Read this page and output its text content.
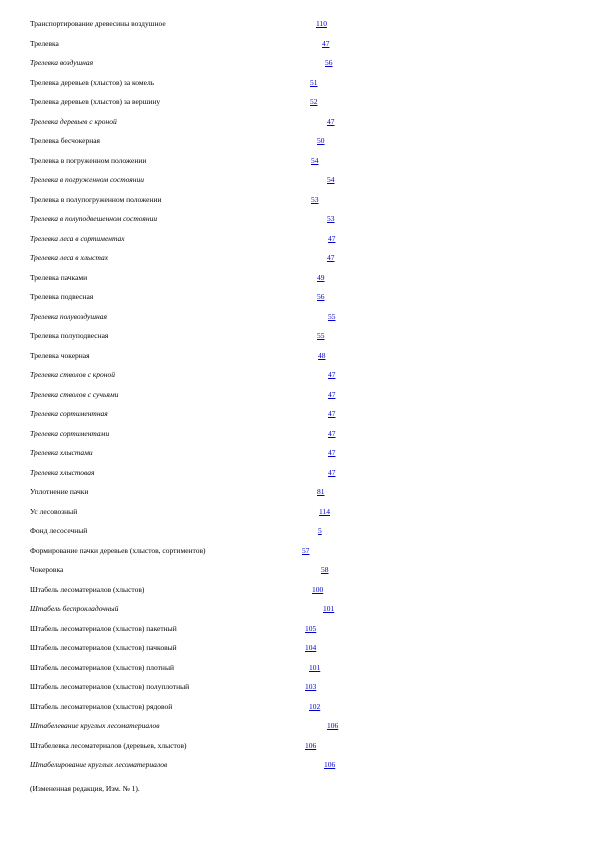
Транспортирование древесины воздушное	110
Трелевка	47
Трелевка воздушная	56
Трелевка деревьев (хлыстов) за комель	51
Трелевка деревьев (хлыстов) за вершину	52
Трелевка деревьев с кроной	47
Трелевка бесчокерная	50
Трелевка в погруженном положении	54
Трелевка в погруженном состоянии	54
Трелевка в полупогруженном положении	53
Трелевка в полуподвешенном состоянии	53
Трелевка леса в сортиментах	47
Трелевка леса в хлыстах	47
Трелевка пачками	49
Трелевка подвесная	56
Трелевка полувоздушная	55
Трелевка полуподвесная	55
Трелевка чокерная	48
Трелевка стволов с кроной	47
Трелевка стволов с сучьями	47
Трелевка сортиментная	47
Трелевка сортиментами	47
Трелевка хлыстами	47
Трелевка хлыстовая	47
Уплотнение пачки	81
Ус лесовозный	114
Фонд лесосечный	5
Формирование пачки деревьев (хлыстов, сортиментов)	57
Чокеровка	58
Штабель лесоматериалов (хлыстов)	100
Штабель беспрокладочный	101
Штабель лесоматериалов (хлыстов) пакетный	105
Штабель лесоматериалов (хлыстов) пачковый	104
Штабель лесоматериалов (хлыстов) плотный	101
Штабель лесоматериалов (хлыстов) полуплотный	103
Штабель лесоматериалов (хлыстов) рядовой	102
Штабелевание круглых лесоматериалов	106
Штабелевка лесоматериалов (деревьев, хлыстов)	106
Штабелирование круглых лесоматериалов	106
(Измененная редакция, Изм. № 1).
